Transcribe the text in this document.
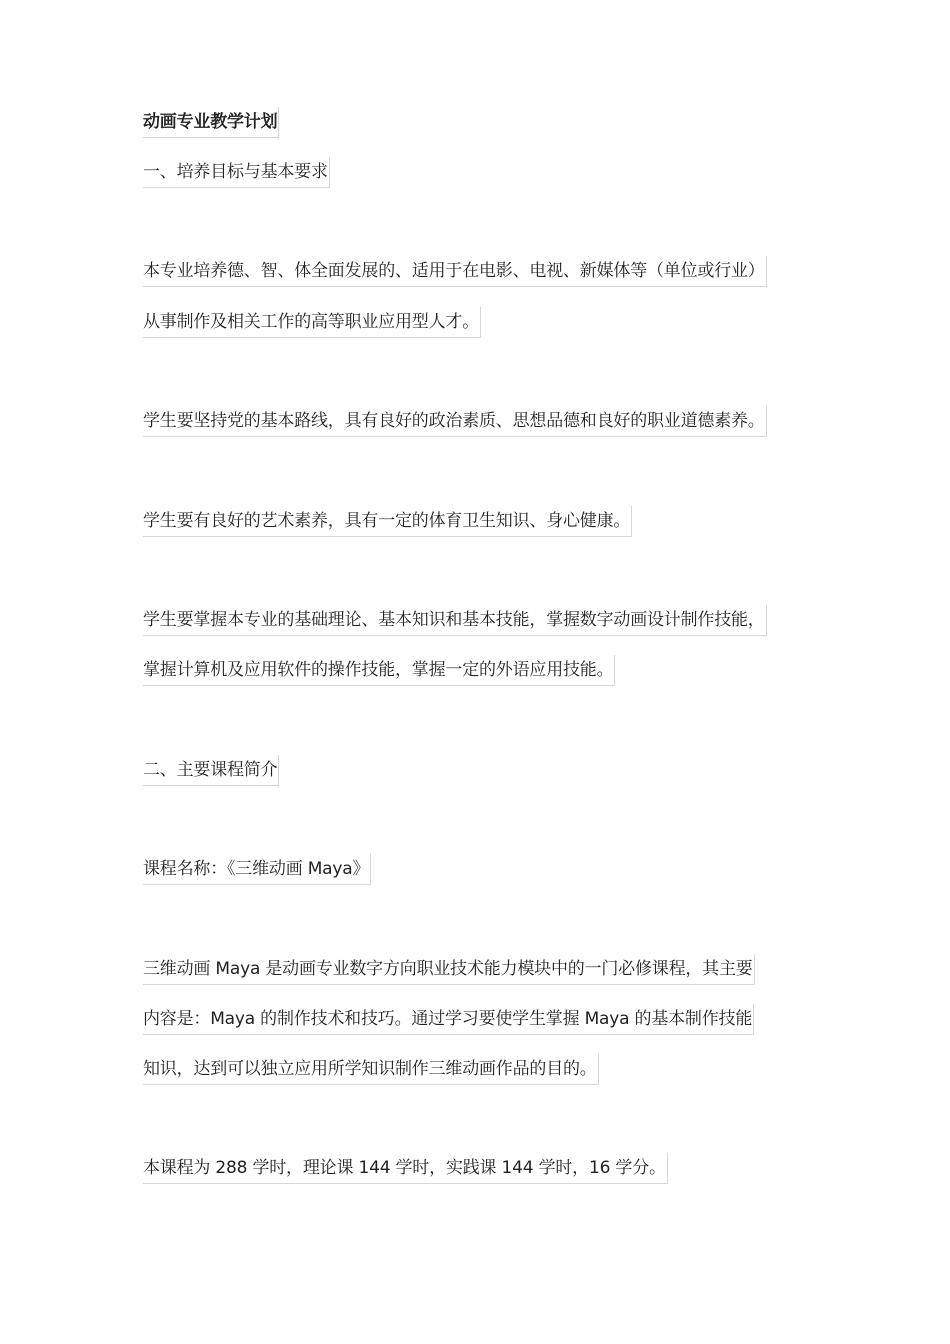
动画专业教学计划
一、培养目标与基本要求
本专业培养德、智、体全面发展的、适用于在电影、电视、新媒体等（单位或行业）
从事制作及相关工作的高等职业应用型人才。
学生要坚持党的基本路线，具有良好的政治素质、思想品德和良好的职业道德素养。
学生要有良好的艺术素养，具有一定的体育卫生知识、身心健康。
学生要掌握本专业的基础理论、基本知识和基本技能，掌握数字动画设计制作技能，
掌握计算机及应用软件的操作技能，掌握一定的外语应用技能。
二、主要课程简介
课程名称：《三维动画 Maya》
三维动画 Maya 是动画专业数字方向职业技术能力模块中的一门必修课程，其主要
内容是：Maya 的制作技术和技巧。通过学习要使学生掌握 Maya 的基本制作技能
知识，达到可以独立应用所学知识制作三维动画作品的目的。
本课程为 288 学时，理论课 144 学时，实践课 144 学时，16 学分。
